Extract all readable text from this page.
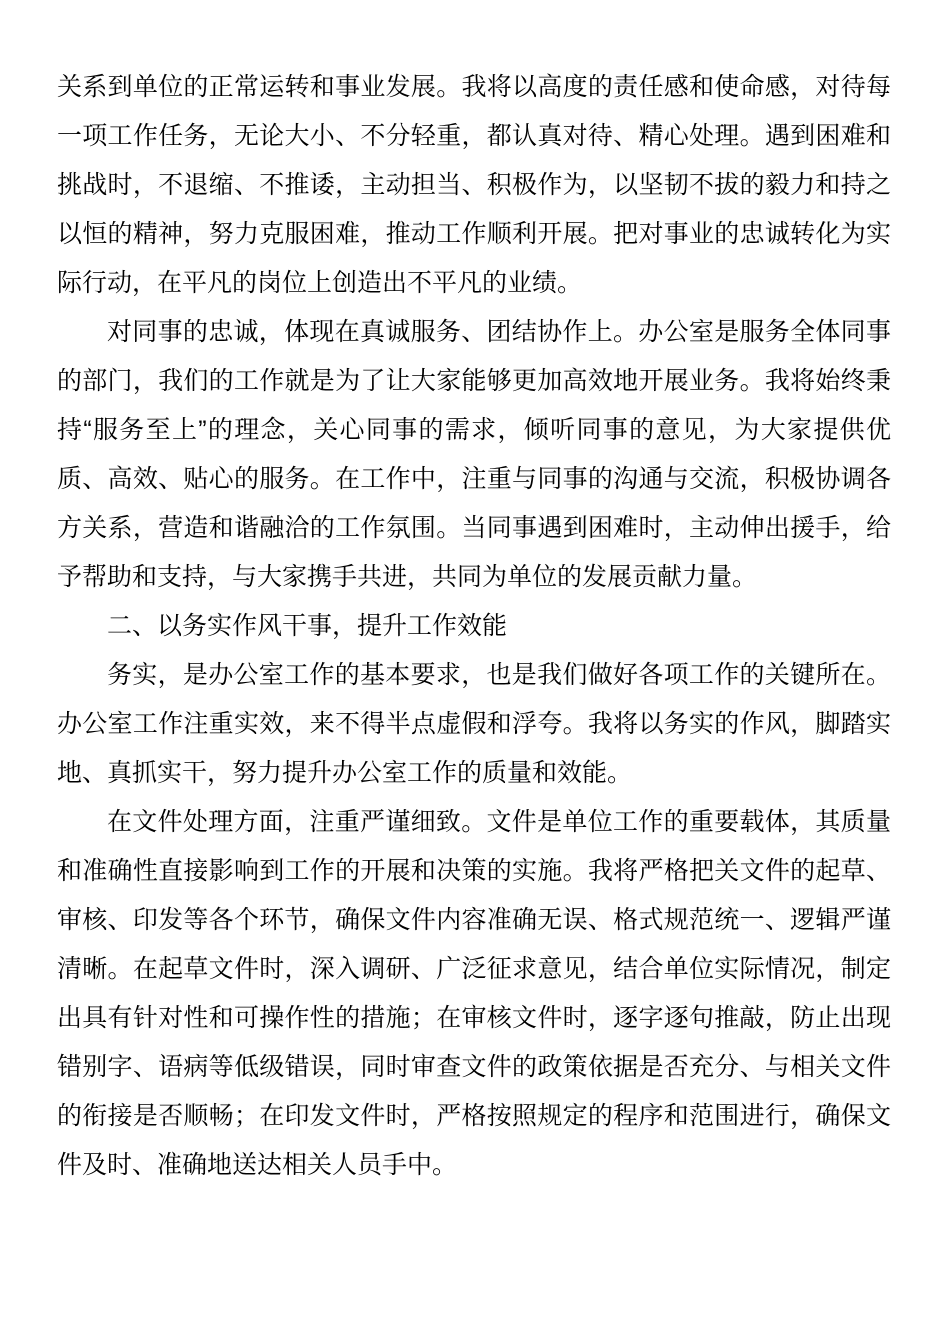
关系到单位的正常运转和事业发展。我将以高度的责任感和使命感，对待每一项工作任务，无论大小、不分轻重，都认真对待、精心处理。遇到困难和挑战时，不退缩、不推诿，主动担当、积极作为，以坚韧不拔的毅力和持之以恒的精神，努力克服困难，推动工作顺利开展。把对事业的忠诚转化为实际行动，在平凡的岗位上创造出不平凡的业绩。

对同事的忠诚，体现在真诚服务、团结协作上。办公室是服务全体同事的部门，我们的工作就是为了让大家能够更加高效地开展业务。我将始终秉持“服务至上”的理念，关心同事的需求，倾听同事的意见，为大家提供优质、高效、贴心的服务。在工作中，注重与同事的沟通与交流，积极协调各方关系，营造和谐融洽的工作氛围。当同事遇到困难时，主动伸出援手，给予帮助和支持，与大家携手共进，共同为单位的发展贡献力量。

二、以务实作风干事，提升工作效能

务实，是办公室工作的基本要求，也是我们做好各项工作的关键所在。办公室工作注重实效，来不得半点虚假和浮夸。我将以务实的作风，脚踏实地、真抓实干，努力提升办公室工作的质量和效能。

在文件处理方面，注重严谨细致。文件是单位工作的重要载体，其质量和准确性直接影响到工作的开展和决策的实施。我将严格把关文件的起草、审核、印发等各个环节，确保文件内容准确无误、格式规范统一、逻辑严谨清晰。在起草文件时，深入调研、广泛征求意见，结合单位实际情况，制定出具有针对性和可操作性的措施；在审核文件时，逐字逐句推敲，防止出现错别字、语病等低级错误，同时审查文件的政策依据是否充分、与相关文件的衔接是否顺畅；在印发文件时，严格按照规定的程序和范围进行，确保文件及时、准确地送达相关人员手中。
